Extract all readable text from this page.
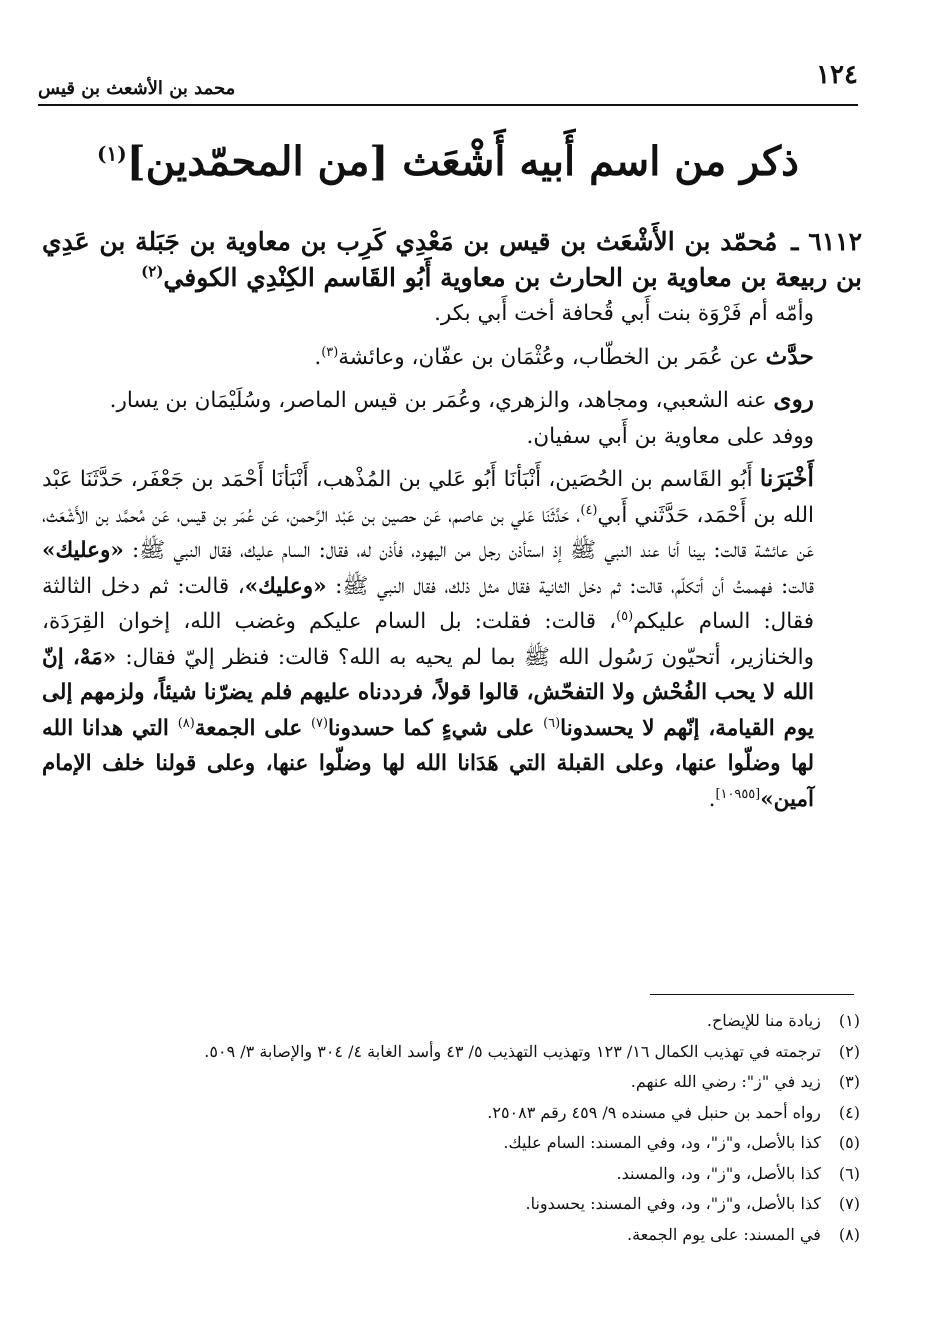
١٢٤
محمد بن الأشعث بن قيس
ذكر من اسم أَبيه أَشْعَث [من المحمّدين]$^{(١)}$

٦١١٢ ـ مُحمّد بن الأَشْعَث بن قيس بن مَعْدِي كَرِب بن معاوية بن جَبَلة بن عَدِي بن ربيعة بن معاوية بن الحارث بن معاوية أَبُو القَاسم الكِنْدِي الكوفي$^{(٢)}$

وأمّه أم فَرْوَة بنت أَبي قُحافة أخت أَبي بكر.

حدَّث عن عُمَر بن الخطّاب، وعُثْمَان بن عفّان، وعائشة$^{(٣)}$.

روى عنه الشعبي، ومجاهد، والزهري، وعُمَر بن قيس الماصر، وسُلَيْمَان بن يسار.

ووفد على معاوية بن أَبي سفيان.

أَخْبَرَنا أَبُو القَاسم بن الحُصَين، أَنْبَأنَا أَبُو عَلي بن المُذْهب، أَنْبَأنَا أَحْمَد بن جَعْفَر، حَدَّثَنَا عَبْد الله بن أَحْمَد، حَدَّثَني أَبي$^{(٤)}$، حَدَّثَنَا عَلي بن عاصم، عَن حصين بن عَبْد الرَّحمن، عَن عُمَر بن قيس، عَن مُحمَّد بن الأَشْعَث، عَن عائشة قالت: بينا أنا عند النبي ﷺ إذ استأذن رجل من اليهود، فأذن له، فقال: السام عليك، فقال النبي ﷺ: «وعليك» قالت: فهممتُ أن أتكلّم، قالت: ثم دخل الثانية فقال مثل ذلك، فقال النبي ﷺ: «وعليك»، قالت: ثم دخل الثالثة فقال: السام عليكم$^{(٥)}$، قالت: فقلت: بل السام عليكم وغضب الله، إخوان القِرَدَة، والخنازير، أتحيّون رَسُول الله ﷺ بما لم يحيه به الله؟ قالت: فنظر إليّ فقال: «مَهْ، إنّ الله لا يحب الفُحْش ولا التفحّش، قالوا قولاً، فرددناه عليهم فلم يضرّنا شيئاً، ولزمهم إلى يوم القيامة، إنّهم لا يحسدونا$^{(٦)}$ على شيءٍ كما حسدونا$^{(٧)}$ على الجمعة$^{(٨)}$ التي هدانا الله لها وضلّوا عنها، وعلى القبلة التي هَدَانا الله لها وضلّوا عنها، وعلى قولنا خلف الإمام آمين»[١٠٩٥٥].

(١) زيادة منا للإيضاح.
(٢) ترجمته في تهذيب الكمال ١٦/ ١٢٣ وتهذيب التهذيب ٥/ ٤٣ وأسد الغابة ٤/ ٣٠٤ والإصابة ٣/ ٥٠٩.
(٣) زيد في "ز": رضي الله عنهم.
(٤) رواه أحمد بن حنبل في مسنده ٩/ ٤٥٩ رقم ٢٥٠٨٣.
(٥) كذا بالأصل، و"ز"، ود، وفي المسند: السام عليك.
(٦) كذا بالأصل، و"ز"، ود، والمسند.
(٧) كذا بالأصل، و"ز"، ود، وفي المسند: يحسدونا.
(٨) في المسند: على يوم الجمعة.
